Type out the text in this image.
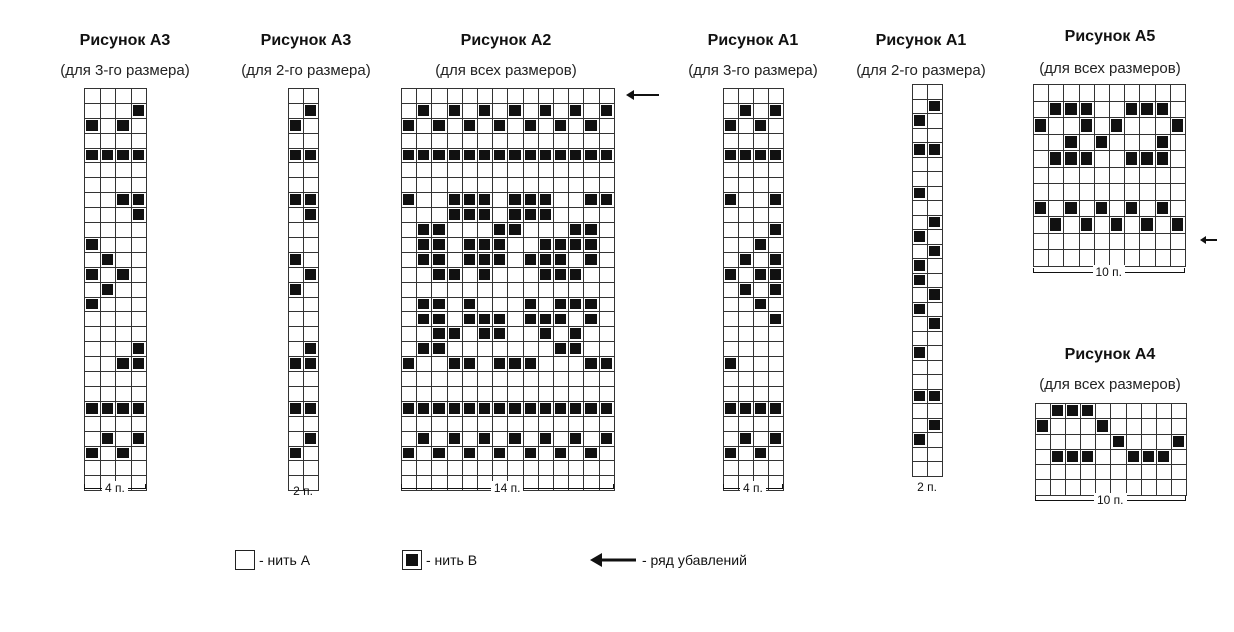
Рисунок А3
(для 3-го размера)
4 п.
Рисунок А3
(для 2-го размера)
2 п.
Рисунок А2
(для всех размеров)
14 п.
Рисунок А1
(для 3-го размера)
4 п.
Рисунок А1
(для 2-го размера)
2 п.
Рисунок А5
(для всех размеров)
10 п.
Рисунок А4
(для всех размеров)
10 п.
- нить А	- нить В	- ряд убавлений
